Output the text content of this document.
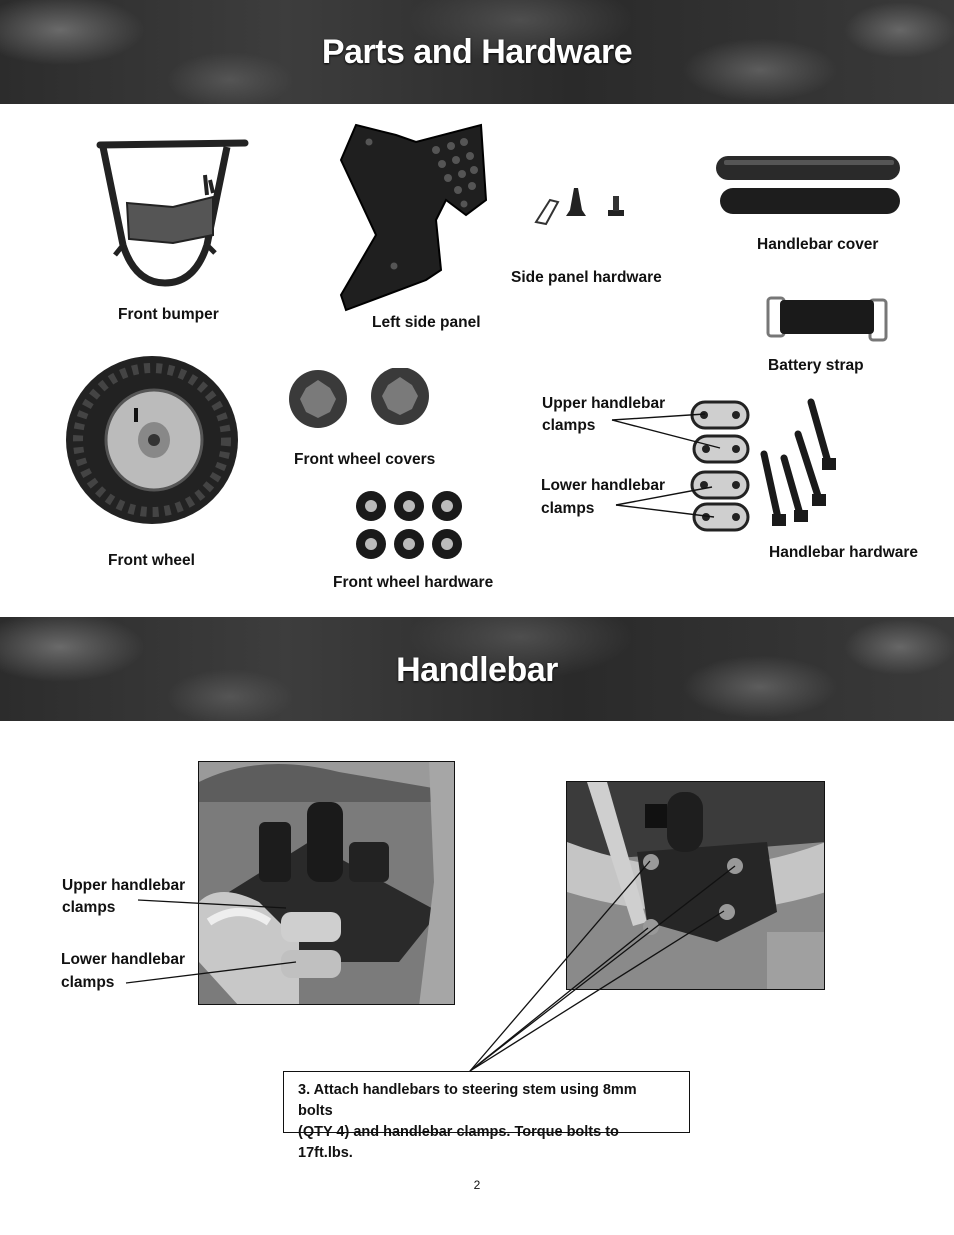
Parts and Hardware
Front bumper	Left side panel
Side panel hardware
Handlebar cover
Battery strap
Front wheel
Front wheel covers
Front wheel hardware
Upper handlebar
clamps
Lower handlebar
clamps
Handlebar hardware
Handlebar
Upper handlebar
clamps
Lower handlebar
clamps
3. Attach handlebars to steering stem using 8mm bolts
(QTY 4) and handlebar clamps. Torque bolts to 17ft.lbs.
2
